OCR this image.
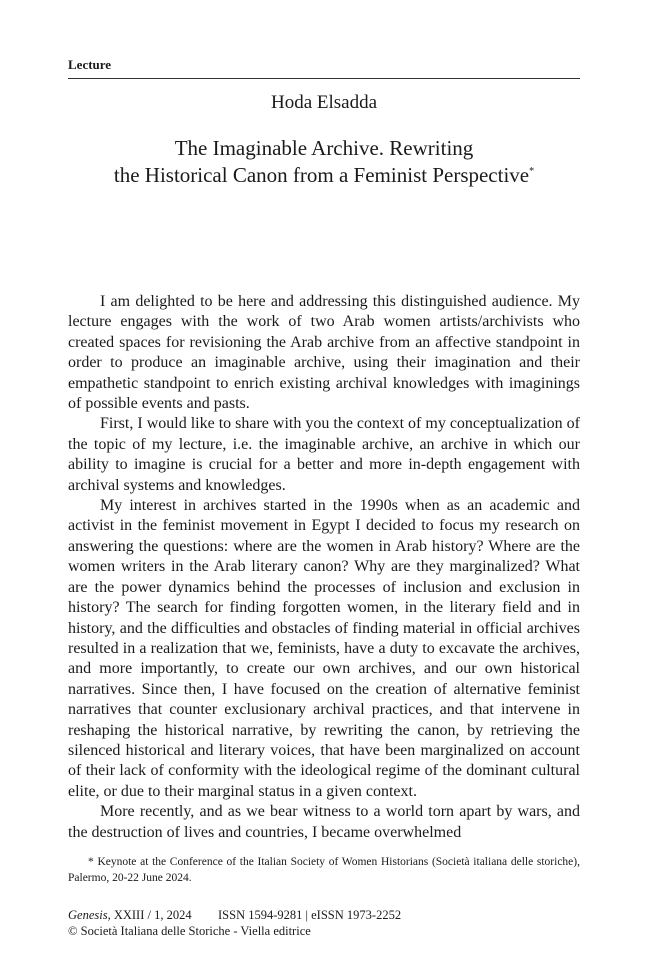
Lecture
Hoda Elsadda
The Imaginable Archive. Rewriting
the Historical Canon from a Feminist Perspective*

I am delighted to be here and addressing this distinguished audience. My lecture engages with the work of two Arab women artists/archivists who created spaces for revisioning the Arab archive from an affective standpoint in order to produce an imaginable archive, using their imagination and their empathetic standpoint to enrich existing archival knowledges with imaginings of possible events and pasts.

First, I would like to share with you the context of my conceptualization of the topic of my lecture, i.e. the imaginable archive, an archive in which our ability to imagine is crucial for a better and more in-depth engagement with archival systems and knowledges.

My interest in archives started in the 1990s when as an academic and activist in the feminist movement in Egypt I decided to focus my research on answering the questions: where are the women in Arab history? Where are the women writers in the Arab literary canon? Why are they marginalized? What are the power dynamics behind the processes of inclusion and exclusion in history? The search for finding forgotten women, in the literary field and in history, and the difficulties and obstacles of finding material in official archives resulted in a realization that we, feminists, have a duty to excavate the archives, and more importantly, to create our own archives, and our own historical narratives. Since then, I have focused on the creation of alternative feminist narratives that counter exclusionary archival practices, and that intervene in reshaping the historical narrative, by rewriting the canon, by retrieving the silenced historical and literary voices, that have been marginalized on account of their lack of conformity with the ideological regime of the dominant cultural elite, or due to their marginal status in a given context.

More recently, and as we bear witness to a world torn apart by wars, and the destruction of lives and countries, I became overwhelmed

* Keynote at the Conference of the Italian Society of Women Historians (Società italiana delle storiche), Palermo, 20-22 June 2024.

Genesis, XXIII / 1, 2024 ISSN 1594-9281 | eISSN 1973-2252
© Società Italiana delle Storiche - Viella editrice
